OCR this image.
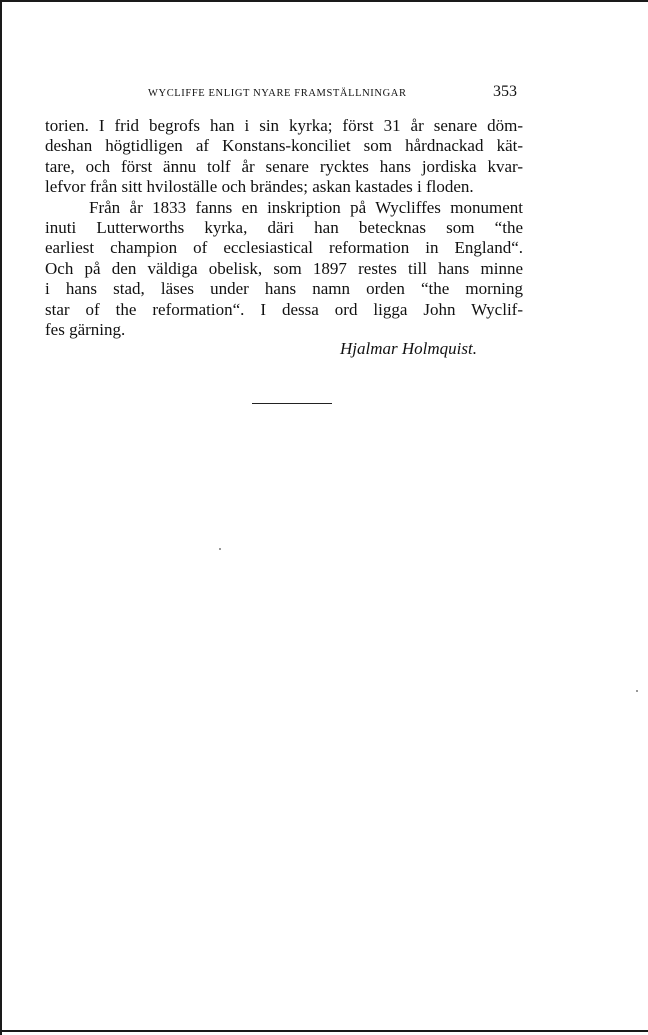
WYCLIFFE ENLIGT NYARE FRAMSTÄLLNINGAR	353
torien. I frid begrofs han i sin kyrka; först 31 år senare döm-
deshan högtidligen af Konstans-konciliet som hårdnackad kät-
tare, och först ännu tolf år senare rycktes hans jordiska kvar-
lefvor från sitt hviloställe och brändes; askan kastades i floden.
Från år 1833 fanns en inskription på Wycliffes monument
inuti Lutterworths kyrka, däri han betecknas som “the
earliest champion of ecclesiastical reformation in England“.
Och på den väldiga obelisk, som 1897 restes till hans minne
i hans stad, läses under hans namn orden “the morning
star of the reformation“. I dessa ord ligga John Wyclif-
fes gärning.
Hjalmar Holmquist.
